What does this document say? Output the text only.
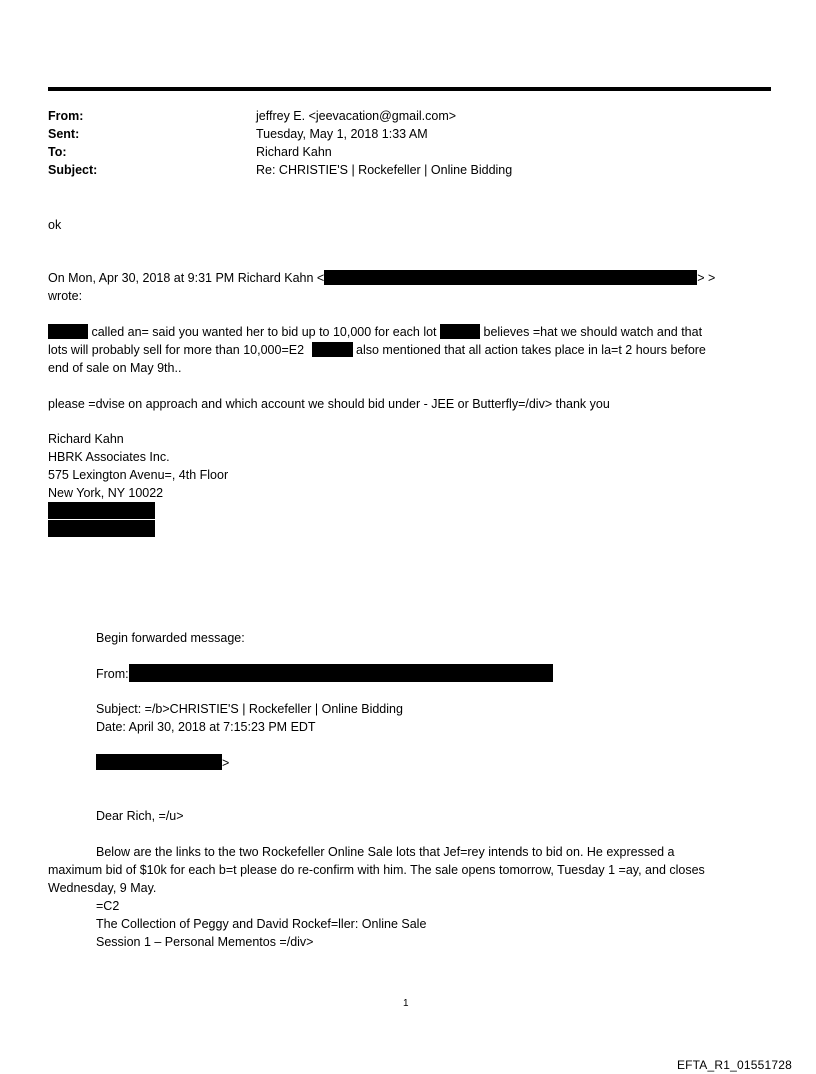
From:	jeffrey E. <jeevacation@gmail.com>
Sent:	Tuesday, May 1, 2018 1:33 AM
To:	Richard Kahn
Subject:	Re: CHRISTIE'S | Rockefeller | Online Bidding
ok
On Mon, Apr 30, 2018 at 9:31 PM Richard Kahn <	> >
wrote:
called an= said you wanted her to bid up to 10,000 for each lot	believes =hat we should watch and that
lots will probably sell for more than 10,000=E2	also mentioned that all action takes place in la=t 2 hours before
end of sale on May 9th..
please =dvise on approach and which account we should bid under - JEE or Butterfly=/div> thank you
Richard Kahn
HBRK Associates Inc.
575 Lexington Avenu=, 4th Floor
New York, NY 10022
Begin forwarded message:
From:
Subject: =/b>CHRISTIE'S | Rockefeller | Online Bidding
Date: April 30, 2018 at 7:15:23 PM EDT
>
Dear Rich, =/u>
Below are the links to the two Rockefeller Online Sale lots that Jef=rey intends to bid on. He expressed a
maximum bid of $10k for each b=t please do re-confirm with him. The sale opens tomorrow, Tuesday 1 =ay, and closes
Wednesday, 9 May.
=C2
The Collection of Peggy and David Rockef=ller: Online Sale
Session 1 – Personal Mementos =/div>
1
EFTA_R1_01551728
